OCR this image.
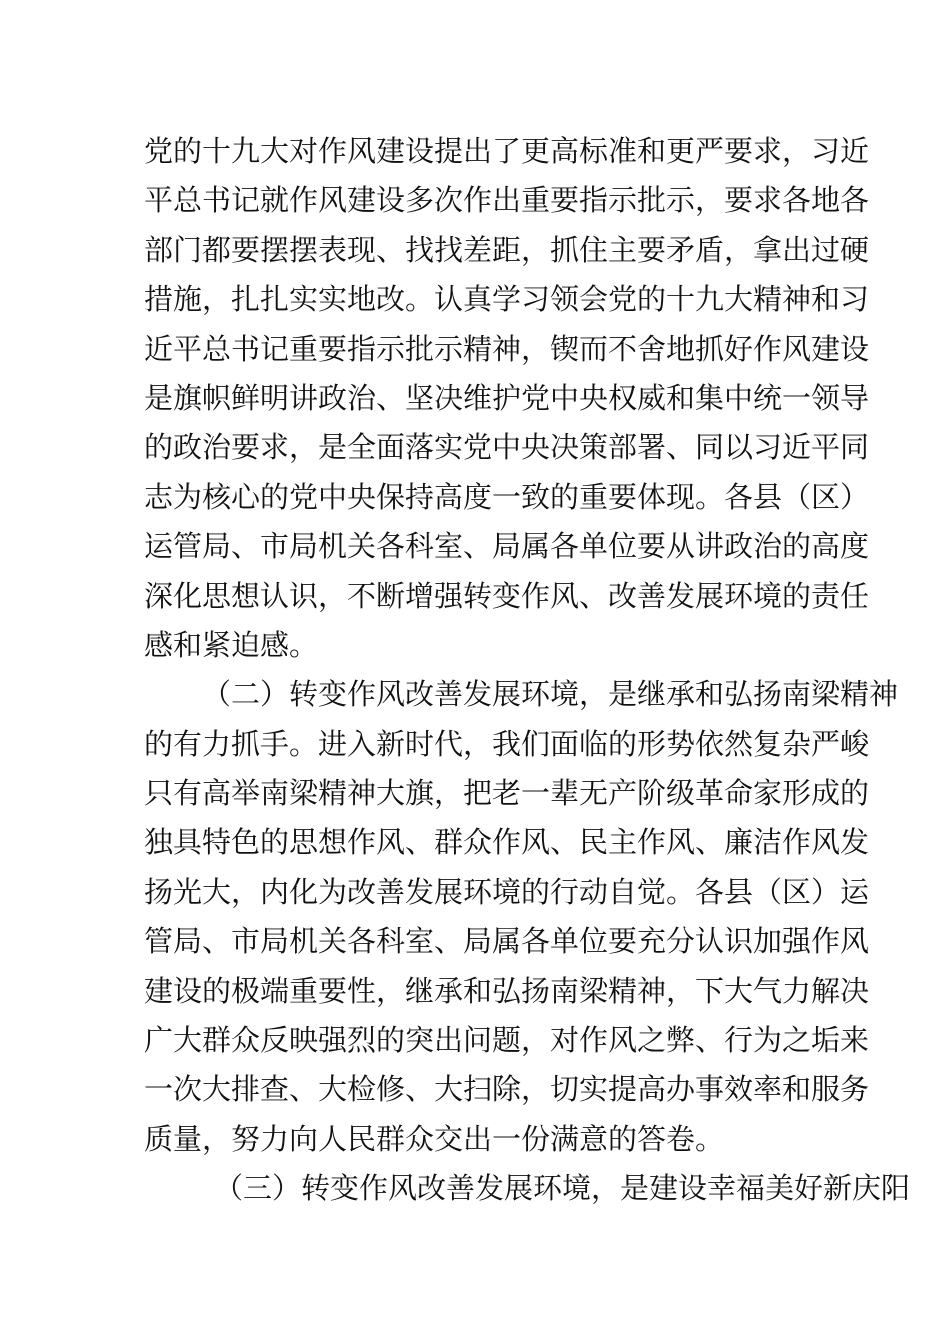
党的十九大对作风建设提出了更高标准和更严要求，习近
平总书记就作风建设多次作出重要指示批示，要求各地各
部门都要摆摆表现、找找差距，抓住主要矛盾，拿出过硬
措施，扎扎实实地改。认真学习领会党的十九大精神和习
近平总书记重要指示批示精神，锲而不舍地抓好作风建设
是旗帜鲜明讲政治、坚决维护党中央权威和集中统一领导
的政治要求，是全面落实党中央决策部署、同以习近平同
志为核心的党中央保持高度一致的重要体现。各县（区）
运管局、市局机关各科室、局属各单位要从讲政治的高度
深化思想认识，不断增强转变作风、改善发展环境的责任
感和紧迫感。
（二）转变作风改善发展环境，是继承和弘扬南梁精神
的有力抓手。进入新时代，我们面临的形势依然复杂严峻
只有高举南梁精神大旗，把老一辈无产阶级革命家形成的
独具特色的思想作风、群众作风、民主作风、廉洁作风发
扬光大，内化为改善发展环境的行动自觉。各县（区）运
管局、市局机关各科室、局属各单位要充分认识加强作风
建设的极端重要性，继承和弘扬南梁精神，下大气力解决
广大群众反映强烈的突出问题，对作风之弊、行为之垢来
一次大排查、大检修、大扫除，切实提高办事效率和服务
质量，努力向人民群众交出一份满意的答卷。
（三）转变作风改善发展环境，是建设幸福美好新庆阳
